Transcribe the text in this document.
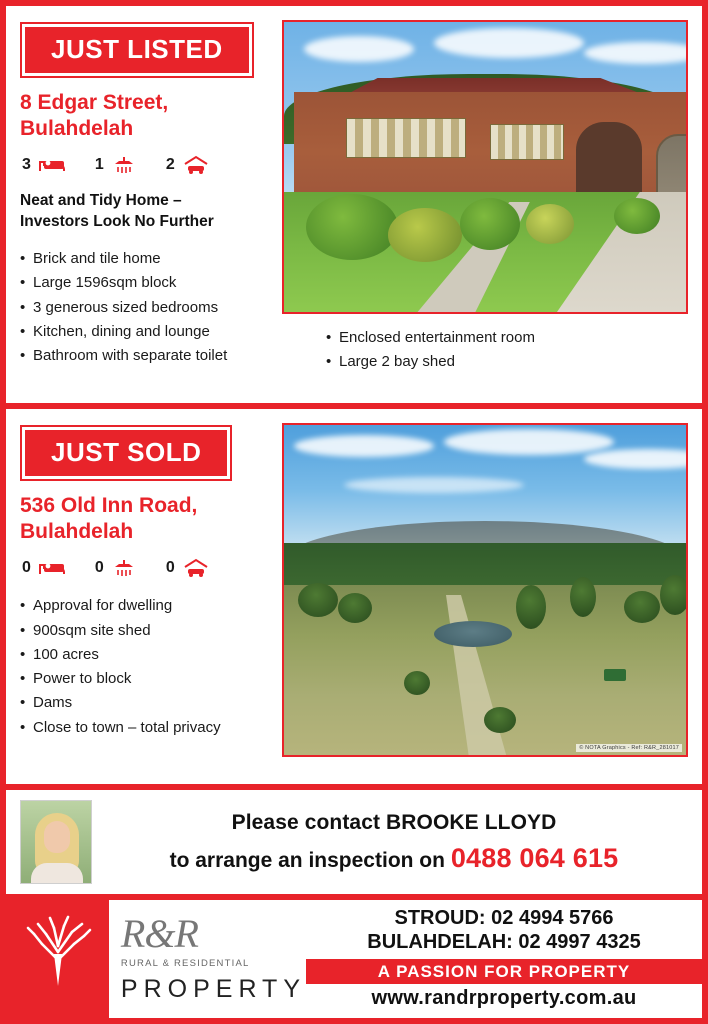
JUST LISTED
8 Edgar Street,
Bulahdelah
3	1	2
Neat and Tidy Home –
Investors Look No Further
• Brick and tile home
• Large 1596sqm block
• 3 generous sized bedrooms
• Kitchen, dining and lounge
• Bathroom with separate toilet
• Enclosed entertainment room
• Large 2 bay shed
JUST SOLD
536 Old Inn Road,
Bulahdelah
0	0	0
• Approval for dwelling
• 900sqm site shed
• 100 acres
• Power to block
• Dams
• Close to town – total privacy
© NOTA Graphics - Ref: R&R_281017
Please contact BROOKE LLOYD
to arrange an inspection on 0488 064 615
R&R
RURAL & RESIDENTIAL
PROPERTY
STROUD: 02 4994 5766
BULAHDELAH: 02 4997 4325
A PASSION FOR PROPERTY
www.randrproperty.com.au
